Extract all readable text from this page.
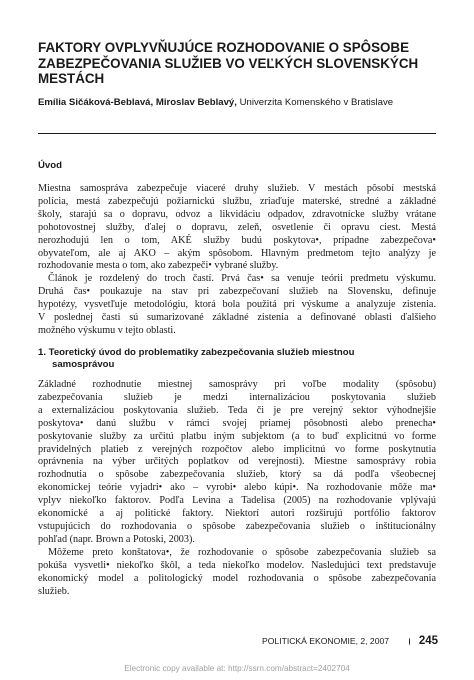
FAKTORY OVPLYVŇUJÚCE ROZHODOVANIE O SPÔSOBE
ZABEZPEČOVANIA SLUŽIEB VO VEĽKÝCH SLOVENSKÝCH
MESTÁCH
Emília Sičáková-Beblavá, Miroslav Beblavý, Univerzita Komenského v Bratislave
Úvod
Miestna samospráva zabezpečuje viaceré druhy služieb. V mestách pôsobí mestská
polícia, mestá zabezpečujú požiarnickú službu, zriaďuje materské, stredné a základné
školy, starajú sa o dopravu, odvoz a likvidáciu odpadov, zdravotnícke služby vrátane
pohotovostnej služby, ďalej o dopravu, zeleň, osvetlenie či opravu ciest. Mestá
nerozhodujú len o tom, AKÉ služby budú poskytova•, prípadne zabezpečova•
obyvateľom, ale aj AKO – akým spôsobom. Hlavným predmetom tejto analýzy je
rozhodovanie mesta o tom, ako zabezpeči• vybrané služby.
Článok je rozdelený do troch častí. Prvá čas• sa venuje teórii predmetu výskumu.
Druhá čas• poukazuje na stav pri zabezpečovaní služieb na Slovensku, definuje
hypotézy, vysvetľuje metodológiu, ktorá bola použitá pri výskume a analyzuje zistenia.
V poslednej časti sú sumarizované základné zistenia a definované oblasti ďalšieho
možného výskumu v tejto oblasti.
1. Teoretický úvod do problematiky zabezpečovania služieb miestnou
samosprávou
Základné rozhodnutie miestnej samosprávy pri voľbe modality (spôsobu)
zabezpečovania služieb je medzi internalizáciou poskytovania služieb
a externalizáciou poskytovania služieb. Teda či je pre verejný sektor výhodnejšie
poskytova• danú službu v rámci svojej priamej pôsobnosti alebo prenecha•
poskytovanie služby za určitú platbu iným subjektom (a to buď explicitnú vo forme
pravidelných platieb z verejných rozpočtov alebo implicitnú vo forme poskytnutia
oprávnenia na výber určitých poplatkov od verejnosti). Miestne samosprávy robia
rozhodnutia o spôsobe zabezpečovania služieb, ktorý sa dá podľa všeobecnej
ekonomickej teórie vyjadri• ako – vyrobi• alebo kúpi•. Na rozhodovanie môže ma•
vplyv niekoľko faktorov. Podľa Levina a Tadelisa (2005) na rozhodovanie vplývajú
ekonomické a aj politické faktory. Niektorí autori rozširujú portfólio faktorov
vstupujúcich do rozhodovania o spôsobe zabezpečovania služieb o inštitucionálny
pohľad (napr. Brown a Potoski, 2003).
Môžeme preto konštatova•, že rozhodovanie o spôsobe zabezpečovania služieb sa
pokúša vysvetli• niekoľko škôl, a teda niekoľko modelov. Nasledujúci text predstavuje
ekonomický model a politologický model rozhodovania o spôsobe zabezpečovania
služieb.
POLITICKÁ EKONOMIE, 2, 2007	245
Electronic copy available at: http://ssrn.com/abstract=2402704
